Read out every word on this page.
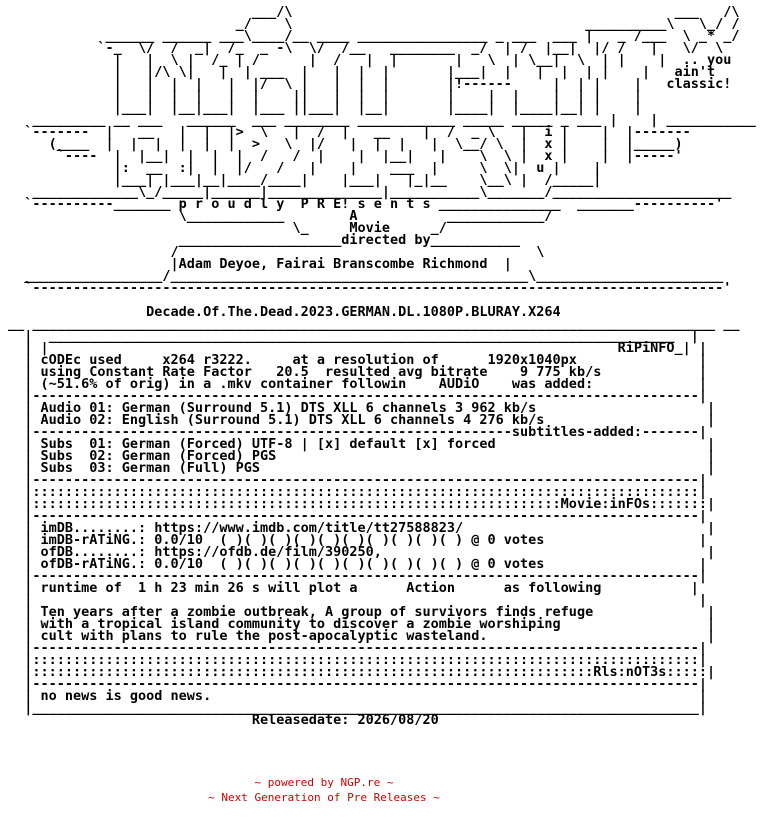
___/\                                               ___   /\
_/    \                                    __________\   \_/ /
______ ______ ___\____/__ ____ ________________ _ ___  ___ |   _ /___  \ _* _/
`-_  \/  /  _|  /_  _ -\  \/  /__   ________  _/  | /  |__|  |/ /   |   \/  \
|   |  \ |  /_ | /      |  /   |  |       |   \  | \__|  \  | |    |  .. you
|   |/\ \|   |  | ___  |   |  |  |       |___|  |   |  |  | |    |   ain't
|   |  |  |   |  |/  \ |   |  |  |       |!------     |  | |    |   classic!
|   |  |  |   |  |    ||   |  |  |       |    |  |    |  | |    |
|___|  |__|___|  |___ ||___|  |__|       |____|  |____|__| |    |
_________ __ ___   ______  ___ ________ ____________ _____ _____ _ ___ |    | ___________
`-------  |   __   |  |  |>  \   |  /  |   __    |  /  _ \   |  i |    |  |-------
(____  |  |  |  |  |  |  >   \  |/   |  |  |   |  \__/ \  |  x |    |  |_____)
`----  |  |__|  |  |  |  /   /  |    |  |__|   |    \  \ |  x |    |  |-----'
|:  __  :|  |  |/   /   |    |    ___  |     \  \|  u |    |
|___| |___|__|____/____|    |___|   |_|__    \__\ |  /_____|
_____________\_/_____|______|______________|___________\_______/______________________
`----------_______ p r o u d l y  P R E! s e n t s _______________  _______----------'
\____________        A           ____________/
\_     Movie     _/
____________________directed by___________
/                                            \
|Adam Deyoe, Fairai Branscombe Richmond  |
_________________/____________________________________________\_______________________
`-------------------------------------------------------------------------------------'

Decade.Of.The.Dead.2023.GERMAN.DL.1080P.BLURAY.X264
__ ____________________________________________________________________________________ __
|  _____________________________________________________________________________  |
| |                                                                      RiPiNFO_| |
| cODEc used     x264 r3222.     at a resolution of      1920x1040px               |
| using Constant Rate Factor   20.5  resulted avg bitrate    9 775 kb/s            |
| (~51.6% of orig) in a .mkv container followin    AUDiO    was added:             |
|----------------------------------------------------------------------------------|
| Audio 01: German (Surround 5.1) DTS XLL 6 channels 3 962 kb/s                     |
| Audio 02: English (Surround 5.1) DTS XLL 6 channels 4 276 kb/s                    |
|-----------------------------------------------------------subtitles-added:-------|
| Subs  01: German (Forced) UTF-8 | [x] default [x] forced                          |
| Subs  02: German (Forced) PGS                                                     |
| Subs  03: German (Full) PGS                                                       |
|----------------------------------------------------------------------------------|
|::::::::::::::::::::::::::::::::::::::::::::::::::::::::::::::::::::::::::::::::::|
|:::::::::::::::::::::::::::::::::::::::::::::::::::::::::::::::::Movie:inFOs:::::::|
|----------------------------------------------------------------------------------|
| imDB........: https://www.imdb.com/title/tt27588823/                              |
| imDB-rATiNG.: 0.0/10  ( )( )( )( )( )( )( )( )( )( ) @ 0 votes                   |
| ofDB........: https://ofdb.de/film/390250,                                        |
| ofDB-rATiNG.: 0.0/10  ( )( )( )( )( )( )( )( )( )( ) @ 0 votes                   |
|----------------------------------------------------------------------------------|
| runtime of  1 h 23 min 26 s will plot a      Action      as following           |
|                                                                                  |
| Ten years after a zombie outbreak, A group of survivors finds refuge              |
| with a tropical island community to discover a zombie worshiping                  |
| cult with plans to rule the post-apocalyptic wasteland.                           |
|----------------------------------------------------------------------------------|
|::::::::::::::::::::::::::::::::::::::::::::::::::::::::::::::::::::::::::::::::::|
|:::::::::::::::::::::::::::::::::::::::::::::::::::::::::::::::::::::Rls:nOT3s:::::|
|----------------------------------------------------------------------------------|
| no news is good news.                                                            |
|__________________________________________________________________________________|
Releasedate: 2026/08/20

~ powered by NGP.re ~
~ Next Generation of Pre Releases ~
